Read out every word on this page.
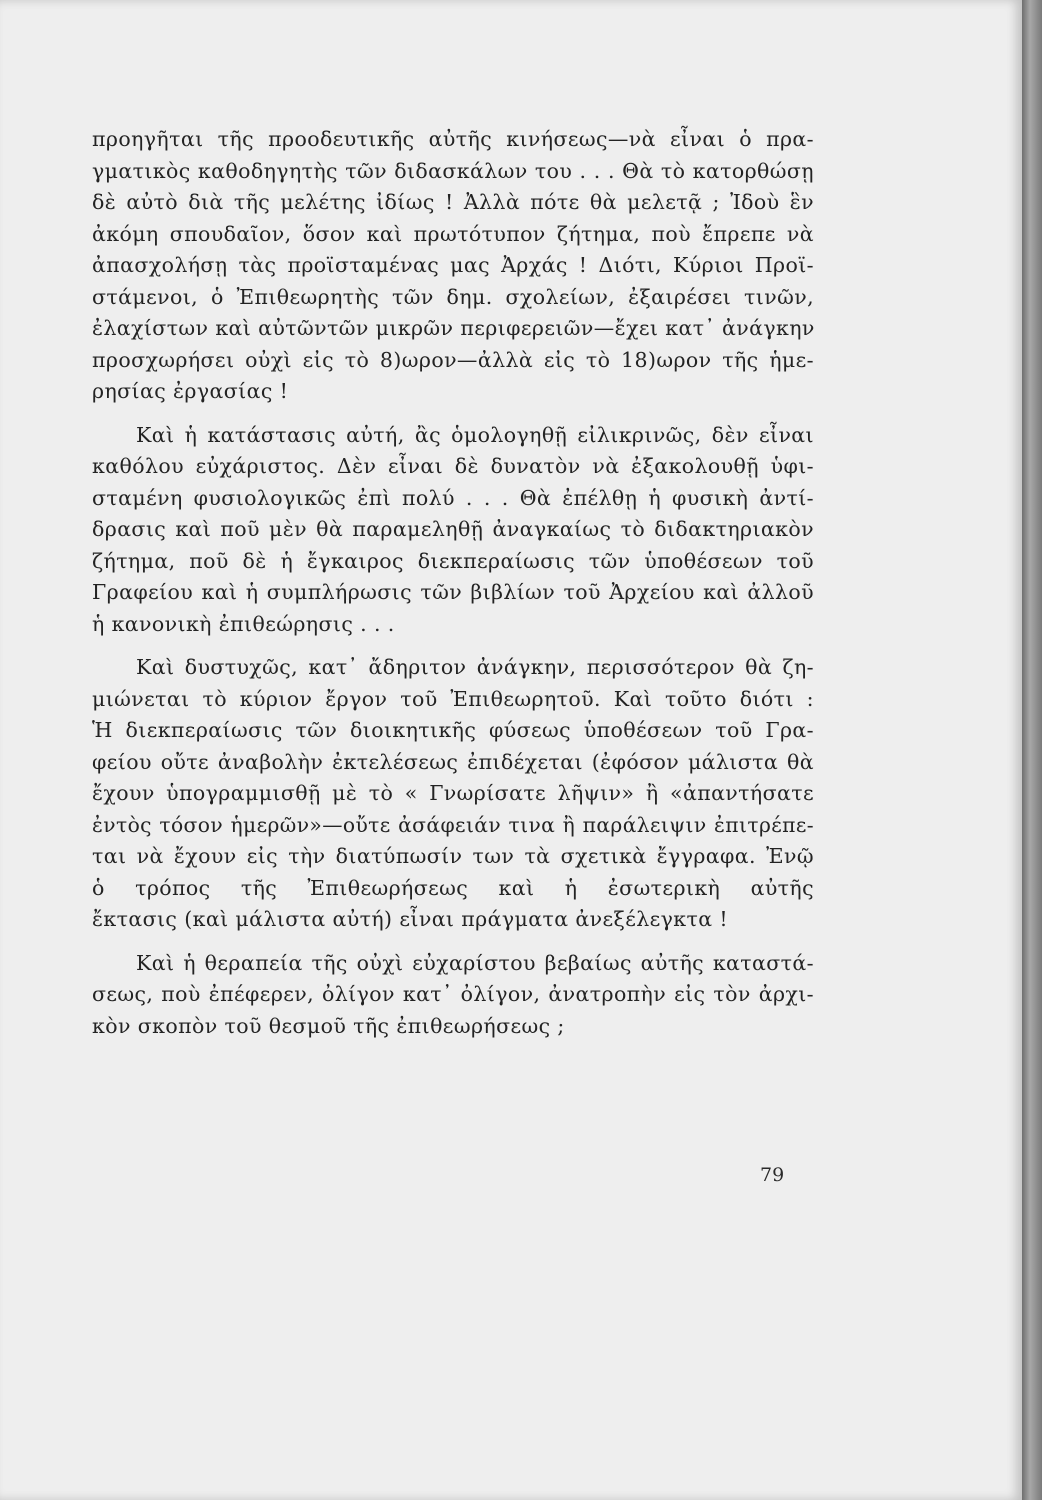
προηγῆται τῆς προοδευτικῆς αὐτῆς κινήσεως—νὰ εἶναι ὁ πρα-

γματικὸς καθοδηγητὴς τῶν διδασκάλων του . . . Θὰ τὸ κατορθώσῃ

δὲ αὐτὸ διὰ τῆς μελέτης ἰδίως ! Ἀλλὰ πότε θὰ μελετᾷ ; Ἰδοὺ ἓν

ἀκόμη σπουδαῖον, ὅσον καὶ πρωτότυπον ζήτημα, ποὺ ἔπρεπε νὰ

ἀπασχολήσῃ τὰς προϊσταμένας μας Ἀρχάς ! Διότι, Κύριοι Προϊ-

στάμενοι, ὁ Ἐπιθεωρητὴς τῶν δημ. σχολείων, ἐξαιρέσει τινῶν,

ἐλαχίστων καὶ αὐτῶντῶν μικρῶν περιφερειῶν—ἔχει κατ᾽ ἀνάγκην

προσχωρήσει οὐχὶ εἰς τὸ 8)ωρον—ἀλλὰ εἰς τὸ 18)ωρον τῆς ἡμε-

ρησίας ἐργασίας !

Καὶ ἡ κατάστασις αὐτή, ἂς ὁμολογηθῇ εἰλικρινῶς, δὲν εἶναι

καθόλου εὐχάριστος. Δὲν εἶναι δὲ δυνατὸν νὰ ἐξακολουθῇ ὑφι-

σταμένη φυσιολογικῶς ἐπὶ πολύ . . . Θὰ ἐπέλθῃ ἡ φυσικὴ ἀντί-

δρασις καὶ ποῦ μὲν θὰ παραμεληθῇ ἀναγκαίως τὸ διδακτηριακὸν

ζήτημα, ποῦ δὲ ἡ ἔγκαιρος διεκπεραίωσις τῶν ὑποθέσεων τοῦ

Γραφείου καὶ ἡ συμπλήρωσις τῶν βιβλίων τοῦ Ἀρχείου καὶ ἀλλοῦ

ἡ κανονικὴ ἐπιθεώρησις . . .

Καὶ δυστυχῶς, κατ᾽ ἄδηριτον ἀνάγκην, περισσότερον θὰ ζη-

μιώνεται τὸ κύριον ἔργον τοῦ Ἐπιθεωρητοῦ. Καὶ τοῦτο διότι :

Ἡ διεκπεραίωσις τῶν διοικητικῆς φύσεως ὑποθέσεων τοῦ Γρα-

φείου οὔτε ἀναβολὴν ἐκτελέσεως ἐπιδέχεται (ἐφόσον μάλιστα θὰ

ἔχουν ὑπογραμμισθῇ μὲ τὸ « Γνωρίσατε λῆψιν» ἢ «ἀπαντήσατε

ἐντὸς τόσον ἡμερῶν»—οὔτε ἀσάφειάν τινα ἢ παράλειψιν ἐπιτρέπε-

ται νὰ ἔχουν εἰς τὴν διατύπωσίν των τὰ σχετικὰ ἔγγραφα. Ἐνῷ

ὁ τρόπος τῆς Ἐπιθεωρήσεως καὶ ἡ ἐσωτερικὴ αὐτῆς

ἔκτασις (καὶ μάλιστα αὐτή) εἶναι πράγματα ἀνεξέλεγκτα !

Καὶ ἡ θεραπεία τῆς οὐχὶ εὐχαρίστου βεβαίως αὐτῆς καταστά-

σεως, ποὺ ἐπέφερεν, ὀλίγον κατ᾽ ὀλίγον, ἀνατροπὴν εἰς τὸν ἀρχι-

κὸν σκοπὸν τοῦ θεσμοῦ τῆς ἐπιθεωρήσεως ;

79
